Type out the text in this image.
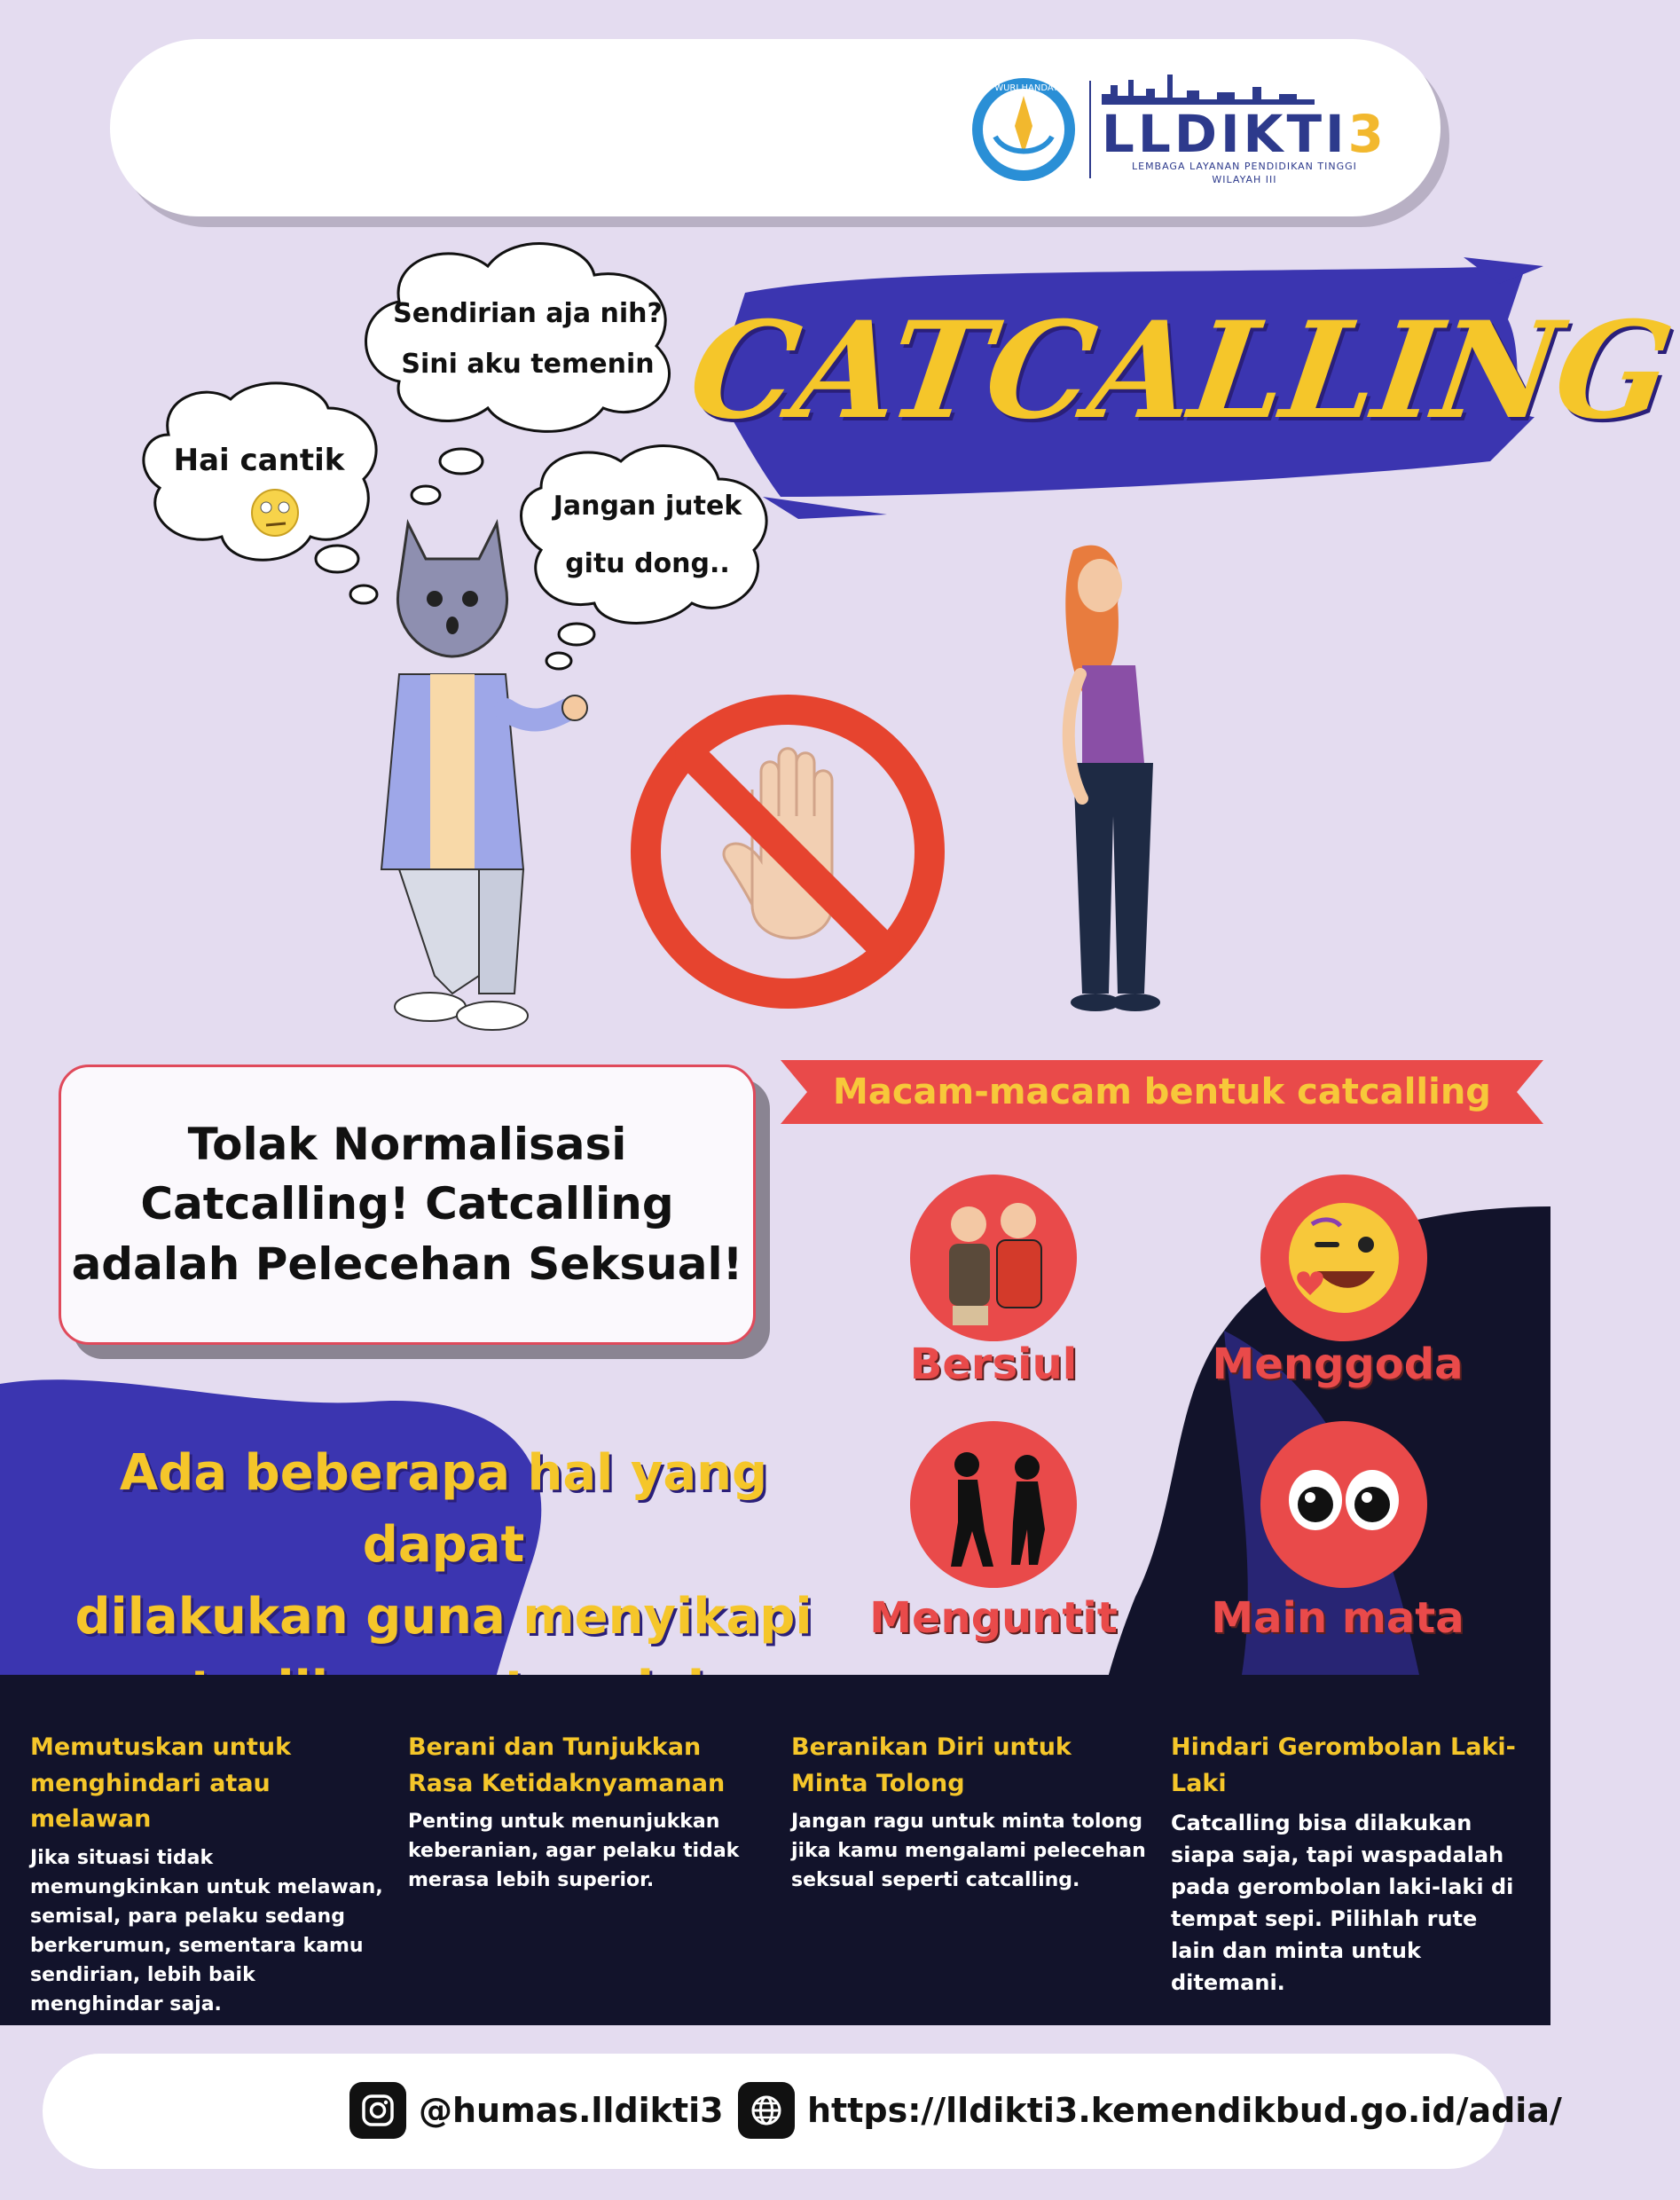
TUT WURI HANDAYANI
LLDIKTI3
LEMBAGA LAYANAN PENDIDIKAN TINGGI
WILAYAH III
CATCALLING
Sendirian aja nih?
Sini aku temenin
Hai cantik
Jangan jutek
gitu dong..

Tolak Normalisasi
Catcalling! Catcalling
adalah Pelecehan Seksual!

Macam-macam bentuk catcalling
Bersiul	Menggoda
Menguntit	Main mata
Ada beberapa hal yang dapat
dilakukan guna menyikapi
Memutuskan untuk menghindari atau melawan

Jika situasi tidak memungkinkan untuk melawan, semisal, para pelaku sedang berkerumun, sementara kamu sendirian, lebih baik menghindar saja.

Berani dan Tunjukkan Rasa Ketidaknyamanan

Penting untuk menunjukkan keberanian, agar pelaku tidak merasa lebih superior.

Beranikan Diri untuk Minta Tolong

Jangan ragu untuk minta tolong jika kamu mengalami pelecehan seksual seperti catcalling.

Hindari Gerombolan Laki-Laki

Catcalling bisa dilakukan siapa saja, tapi waspadalah pada gerombolan laki-laki di tempat sepi. Pilihlah rute lain dan minta untuk ditemani.

@humas.lldikti3 https://lldikti3.kemendikbud.go.id/adia/
